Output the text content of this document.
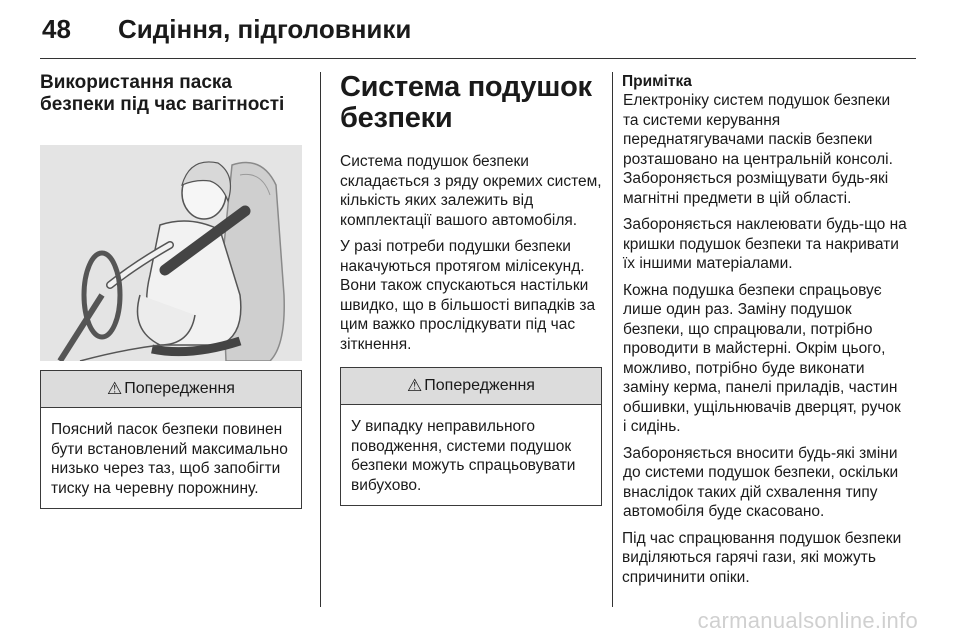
48 Сидіння, підголовники
Використання паска безпеки під час вагітності
⚠ Попередження
Поясний пасок безпеки повинен бути встановлений максимально низько через таз, щоб запобігти тиску на черевну порожнину.
Система подушок безпеки

Система подушок безпеки складається з ряду окремих систем, кількість яких залежить від комплектації вашого автомобіля.

У разі потреби подушки безпеки накачуються протягом мілісекунд. Вони також спускаються настільки швидко, що в більшості випадків за цим важко прослідкувати під час зіткнення.

⚠ Попередження
У випадку неправильного поводження, системи подушок безпеки можуть спрацьовувати вибухово.
Примітка

Електроніку систем подушок безпеки та системи керування переднатягувачами пасків безпеки розташовано на центральній консолі. Забороняється розміщувати будь-які магнітні предмети в цій області.

Забороняється наклеювати будь-що на кришки подушок безпеки та накривати їх іншими матеріалами.

Кожна подушка безпеки спрацьовує лише один раз. Заміну подушок безпеки, що спрацювали, потрібно проводити в майстерні. Окрім цього, можливо, потрібно буде виконати заміну керма, панелі приладів, частин обшивки, ущільнювачів дверцят, ручок і сидінь.

Забороняється вносити будь-які зміни до системи подушок безпеки, оскільки внаслідок таких дій схвалення типу автомобіля буде скасовано.

Під час спрацювання подушок безпеки виділяються гарячі гази, які можуть спричинити опіки.

carmanualsonline.info
